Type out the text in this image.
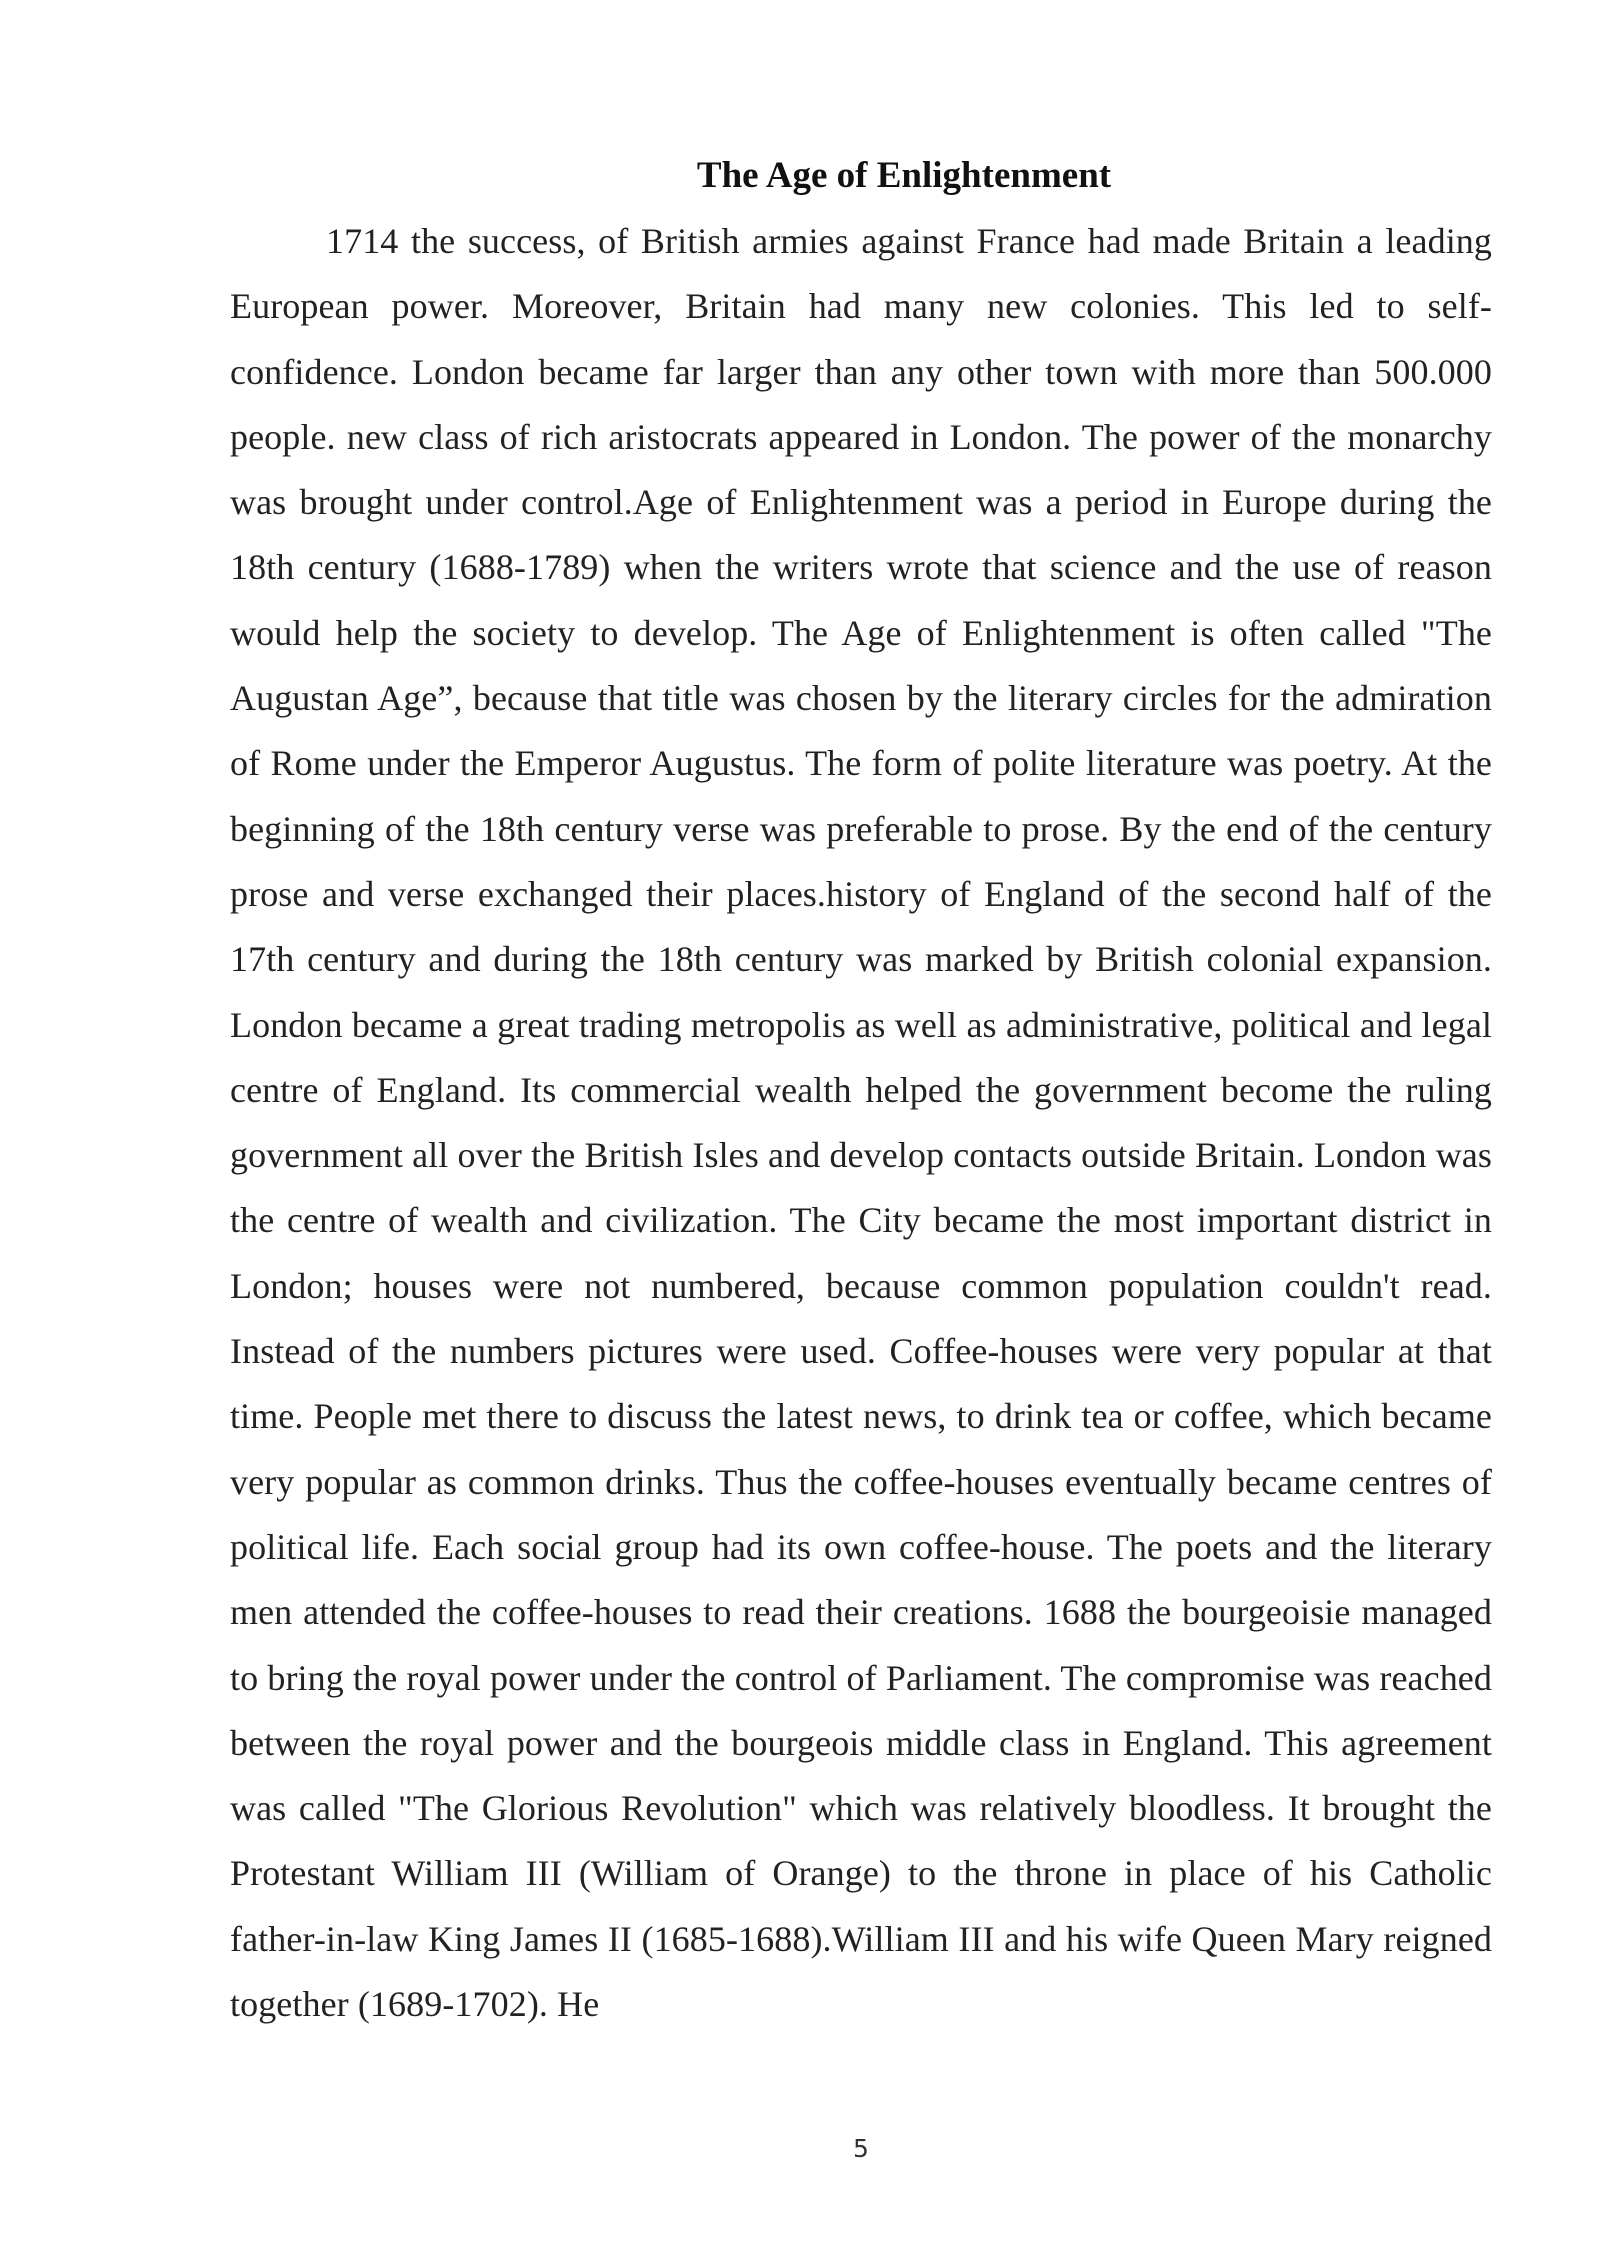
The Age of Enlightenment

1714 the success, of British armies against France had made Britain a leading European power. Moreover, Britain had many new colonies. This led to self-confidence. London became far larger than any other town with more than 500.000 people. new class of rich aristocrats appeared in London. The power of the monarchy was brought under control.Age of Enlightenment was a period in Europe during the 18th century (1688-1789) when the writers wrote that science and the use of reason would help the society to develop. The Age of Enlightenment is often called "The Augustan Age”, because that title was chosen by the literary circles for the admiration of Rome under the Emperor Augustus. The form of polite literature was poetry. At the beginning of the 18th century verse was preferable to prose. By the end of the century prose and verse exchanged their places.history of England of the second half of the 17th century and during the 18th century was marked by British colonial expansion. London became a great trading metropolis as well as administrative, political and legal centre of England. Its commercial wealth helped the government become the ruling government all over the British Isles and develop contacts outside Britain. London was the centre of wealth and civilization. The City became the most important district in London; houses were not numbered, because common population couldn't read. Instead of the numbers pictures were used. Coffee-houses were very popular at that time. People met there to discuss the latest news, to drink tea or coffee, which became very popular as common drinks. Thus the coffee-houses eventually became centres of political life. Each social group had its own coffee-house. The poets and the literary men attended the coffee-houses to read their creations. 1688 the bourgeoisie managed to bring the royal power under the control of Parliament. The compromise was reached between the royal power and the bourgeois middle class in England. This agreement was called "The Glorious Revolution" which was relatively bloodless. It brought the Protestant William III (William of Orange) to the throne in place of his Catholic father-in-law King James II (1685-1688).William III and his wife Queen Mary reigned together (1689-1702). He

5
